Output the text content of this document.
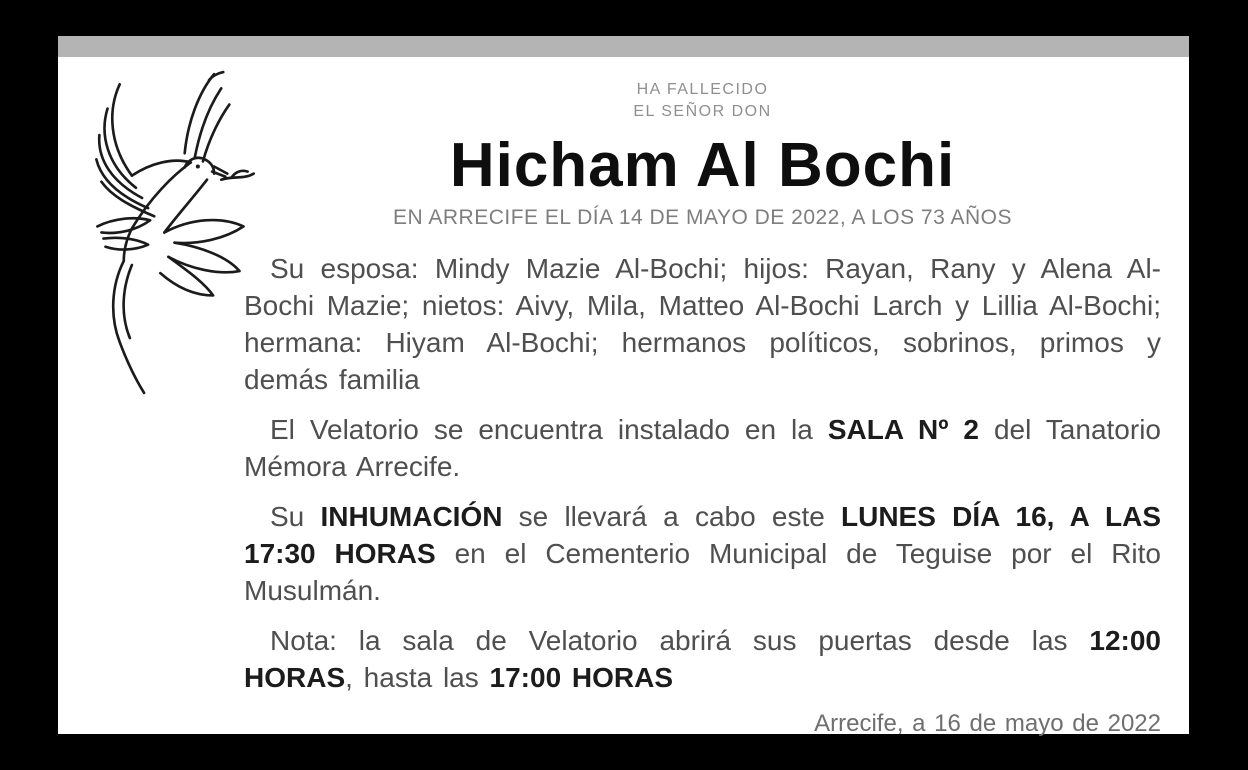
HA FALLECIDO
EL SEÑOR DON
Hicham Al Bochi
EN ARRECIFE EL DÍA 14 DE MAYO DE 2022, A LOS 73 AÑOS

Su esposa: Mindy Mazie Al-Bochi; hijos: Rayan, Rany y Alena Al-Bochi Mazie; nietos: Aivy, Mila, Matteo Al-Bochi Larch y Lillia Al-Bochi; hermana: Hiyam Al-Bochi; hermanos políticos, sobrinos, primos y demás familia

El Velatorio se encuentra instalado en la SALA Nº 2 del Tanatorio Mémora Arrecife.

Su INHUMACIÓN se llevará a cabo este LUNES DÍA 16, A LAS 17:30 HORAS en el Cementerio Municipal de Teguise por el Rito Musulmán.

Nota: la sala de Velatorio abrirá sus puertas desde las 12:00 HORAS, hasta las 17:00 HORAS

Arrecife, a 16 de mayo de 2022
